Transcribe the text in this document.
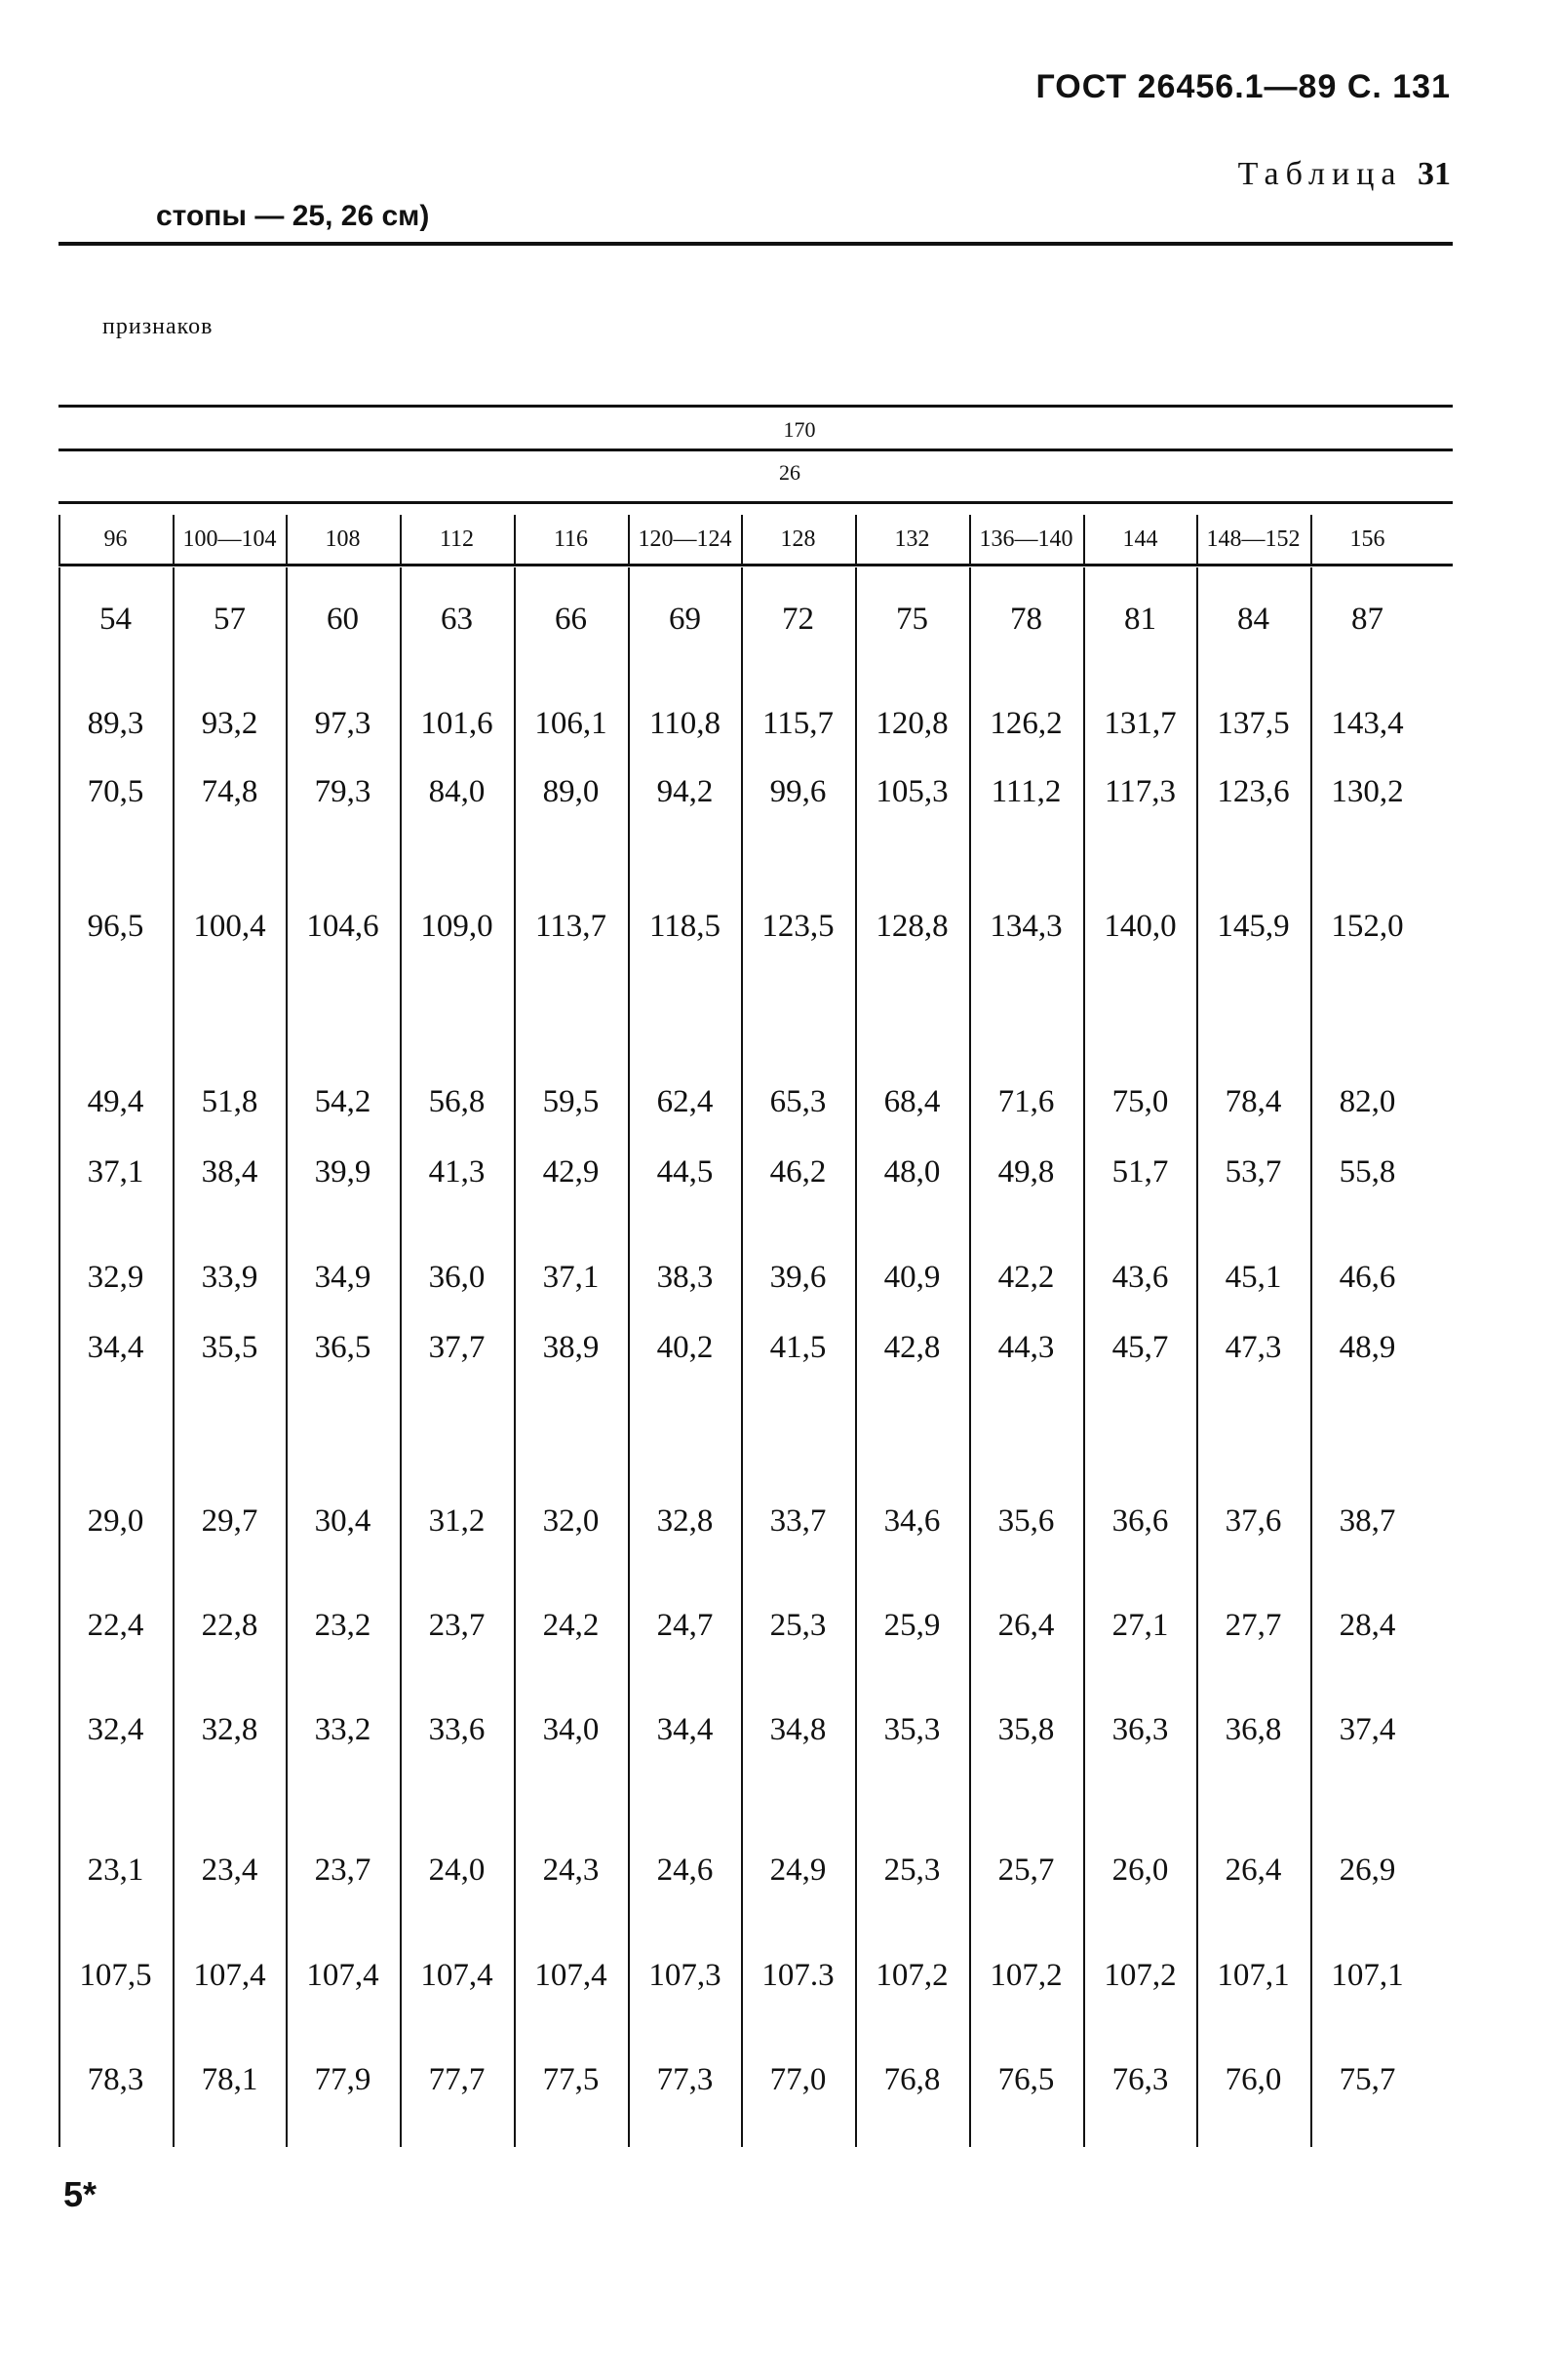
ГОСТ 26456.1—89 С. 131
Таблица 31
стопы — 25, 26 см)
признаков
170
26
96	100—104	108	112	116	120—124	128	132	136—140	144	148—152	156
54	57	60	63	66	69	72	75	78	81	84	87
89,3	93,2	97,3	101,6	106,1	110,8	115,7	120,8	126,2	131,7	137,5	143,4
70,5	74,8	79,3	84,0	89,0	94,2	99,6	105,3	111,2	117,3	123,6	130,2
96,5	100,4	104,6	109,0	113,7	118,5	123,5	128,8	134,3	140,0	145,9	152,0
49,4	51,8	54,2	56,8	59,5	62,4	65,3	68,4	71,6	75,0	78,4	82,0
37,1	38,4	39,9	41,3	42,9	44,5	46,2	48,0	49,8	51,7	53,7	55,8
32,9	33,9	34,9	36,0	37,1	38,3	39,6	40,9	42,2	43,6	45,1	46,6
34,4	35,5	36,5	37,7	38,9	40,2	41,5	42,8	44,3	45,7	47,3	48,9
29,0	29,7	30,4	31,2	32,0	32,8	33,7	34,6	35,6	36,6	37,6	38,7
22,4	22,8	23,2	23,7	24,2	24,7	25,3	25,9	26,4	27,1	27,7	28,4
32,4	32,8	33,2	33,6	34,0	34,4	34,8	35,3	35,8	36,3	36,8	37,4
23,1	23,4	23,7	24,0	24,3	24,6	24,9	25,3	25,7	26,0	26,4	26,9
107,5	107,4	107,4	107,4	107,4	107,3	107.3	107,2	107,2	107,2	107,1	107,1
78,3	78,1	77,9	77,7	77,5	77,3	77,0	76,8	76,5	76,3	76,0	75,7
5*
